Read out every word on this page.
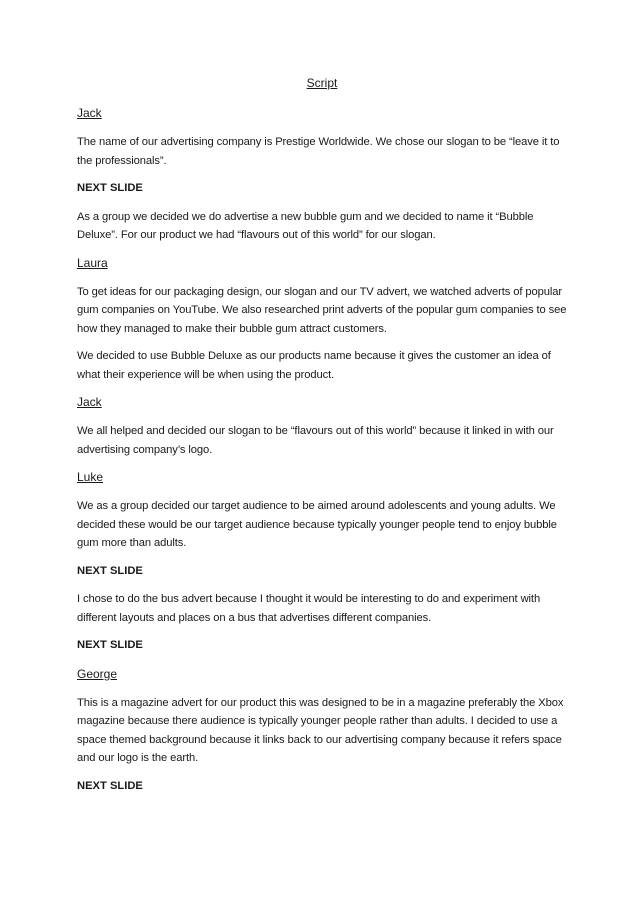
Script
Jack
The name of our advertising company is Prestige Worldwide. We chose our slogan to be “leave it to the professionals”.
NEXT SLIDE
As a group we decided we do advertise a new bubble gum and we decided to name it “Bubble Deluxe”. For our product we had “flavours out of this world” for our slogan.
Laura
To get ideas for our packaging design, our slogan and our TV advert, we watched adverts of popular gum companies on YouTube. We also researched print adverts of the popular gum companies to see how they managed to make their bubble gum attract customers.
We decided to use Bubble Deluxe as our products name because it gives the customer an idea of what their experience will be when using the product.
Jack
We all helped and decided our slogan to be “flavours out of this world” because it linked in with our advertising company’s logo.
Luke
We as a group decided our target audience to be aimed around adolescents and young adults. We decided these would be our target audience because typically younger people tend to enjoy bubble gum more than adults.
NEXT SLIDE
I chose to do the bus advert because I thought it would be interesting to do and experiment with different layouts and places on a bus that advertises different companies.
NEXT SLIDE
George
This is a magazine advert for our product this was designed to be in a magazine preferably the Xbox magazine because there audience is typically younger people rather than adults. I decided to use a space themed background because it links back to our advertising company because it refers space and our logo is the earth.
NEXT SLIDE
